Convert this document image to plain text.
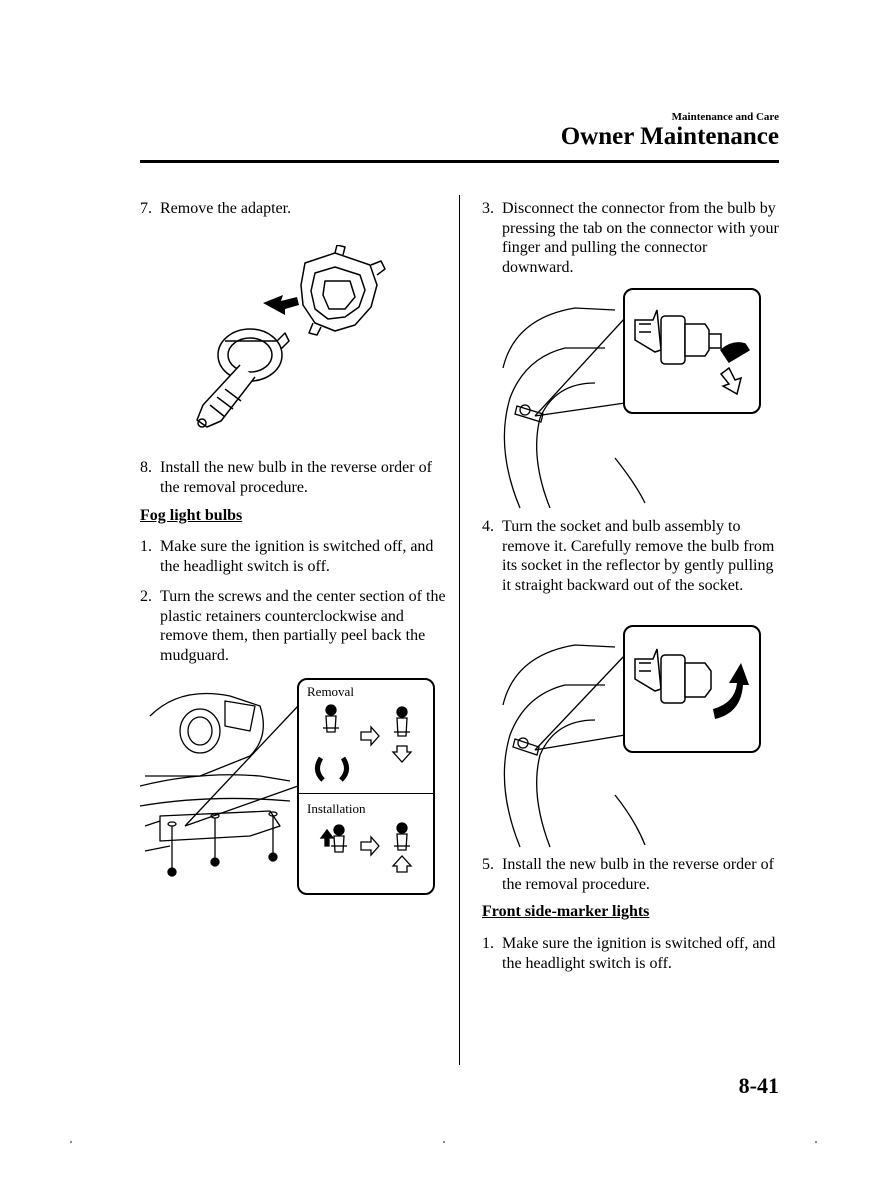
Maintenance and Care
Owner Maintenance
7. Remove the adapter.
8. Install the new bulb in the reverse order of the removal procedure.
Fog light bulbs
1. Make sure the ignition is switched off, and the headlight switch is off.
2. Turn the screws and the center section of the plastic retainers counterclockwise and remove them, then partially peel back the mudguard.
Removal
Installation
3. Disconnect the connector from the bulb by pressing the tab on the connector with your finger and pulling the connector downward.
4. Turn the socket and bulb assembly to remove it. Carefully remove the bulb from its socket in the reflector by gently pulling it straight backward out of the socket.
5. Install the new bulb in the reverse order of the removal procedure.
Front side-marker lights
1. Make sure the ignition is switched off, and the headlight switch is off.
8-41
